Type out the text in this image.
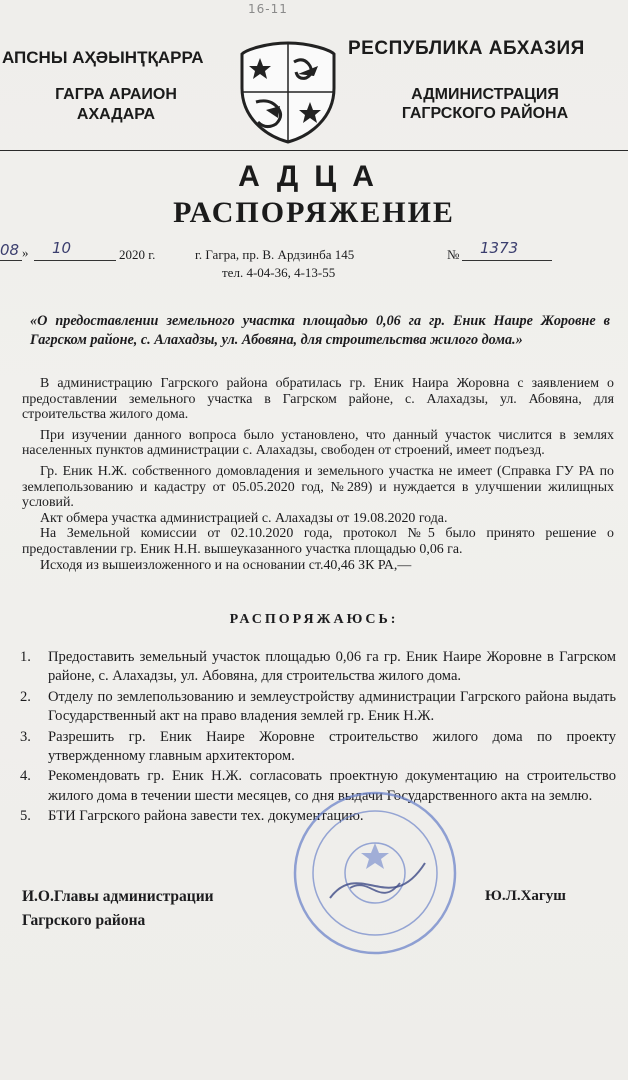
16-11
АПСНЫ АҲӘЫНҬҚАРРА
ГАГРА АРАИОН
АХАДАРА
РЕСПУБЛИКА АБХАЗИЯ
АДМИНИСТРАЦИЯ
ГАГРСКОГО РАЙОНА
АДЦА
РАСПОРЯЖЕНИЕ
08 » 10	2020 г.	г. Гагра, пр. В. Ардзинба 145
тел. 4-04-36, 4-13-55
№ 1373
«О предоставлении земельного участка площадью 0,06 га гр. Еник Наире Жоровне в Гагрском районе, с. Алахадзы, ул. Абовяна, для строительства жилого дома.»

В администрацию Гагрского района обратилась гр. Еник Наира Жоровна с заявлением о предоставлении земельного участка в Гагрском районе, с. Алахадзы, ул. Абовяна, для строительства жилого дома.

При изучении данного вопроса было установлено, что данный участок числится в землях населенных пунктов администрации с. Алахадзы, свободен от строений, имеет подъезд.

Гр. Еник Н.Ж. собственного домовладения и земельного участка не имеет (Справка ГУ РА по землепользованию и кадастру от 05.05.2020 год, №289) и нуждается в улучшении жилищных условий.

Акт обмера участка администрацией с. Алахадзы от 19.08.2020 года.

На Земельной комиссии от 02.10.2020 года, протокол №5 было принято решение о предоставлении гр. Еник Н.Н. вышеуказанного участка площадью 0,06 га.

Исходя из вышеизложенного и на основании ст.40,46 ЗК РА,—

РАСПОРЯЖАЮСЬ:
1. Предоставить земельный участок площадью 0,06 га гр. Еник Наире Жоровне в Гагрском районе, с. Алахадзы, ул. Абовяна, для строительства жилого дома.
2. Отделу по землепользованию и землеустройству администрации Гагрского района выдать Государственный акт на право владения землей гр. Еник Н.Ж.
3. Разрешить гр. Еник Наире Жоровне строительство жилого дома по проекту утвержденному главным архитектором.
4. Рекомендовать гр. Еник Н.Ж. согласовать проектную документацию на строительство жилого дома в течении шести месяцев, со дня выдачи Государственного акта на землю.
5. БТИ Гагрского района завести тех. документацию.
И.О.Главы администрации
Гагрского района
Ю.Л.Хагуш
